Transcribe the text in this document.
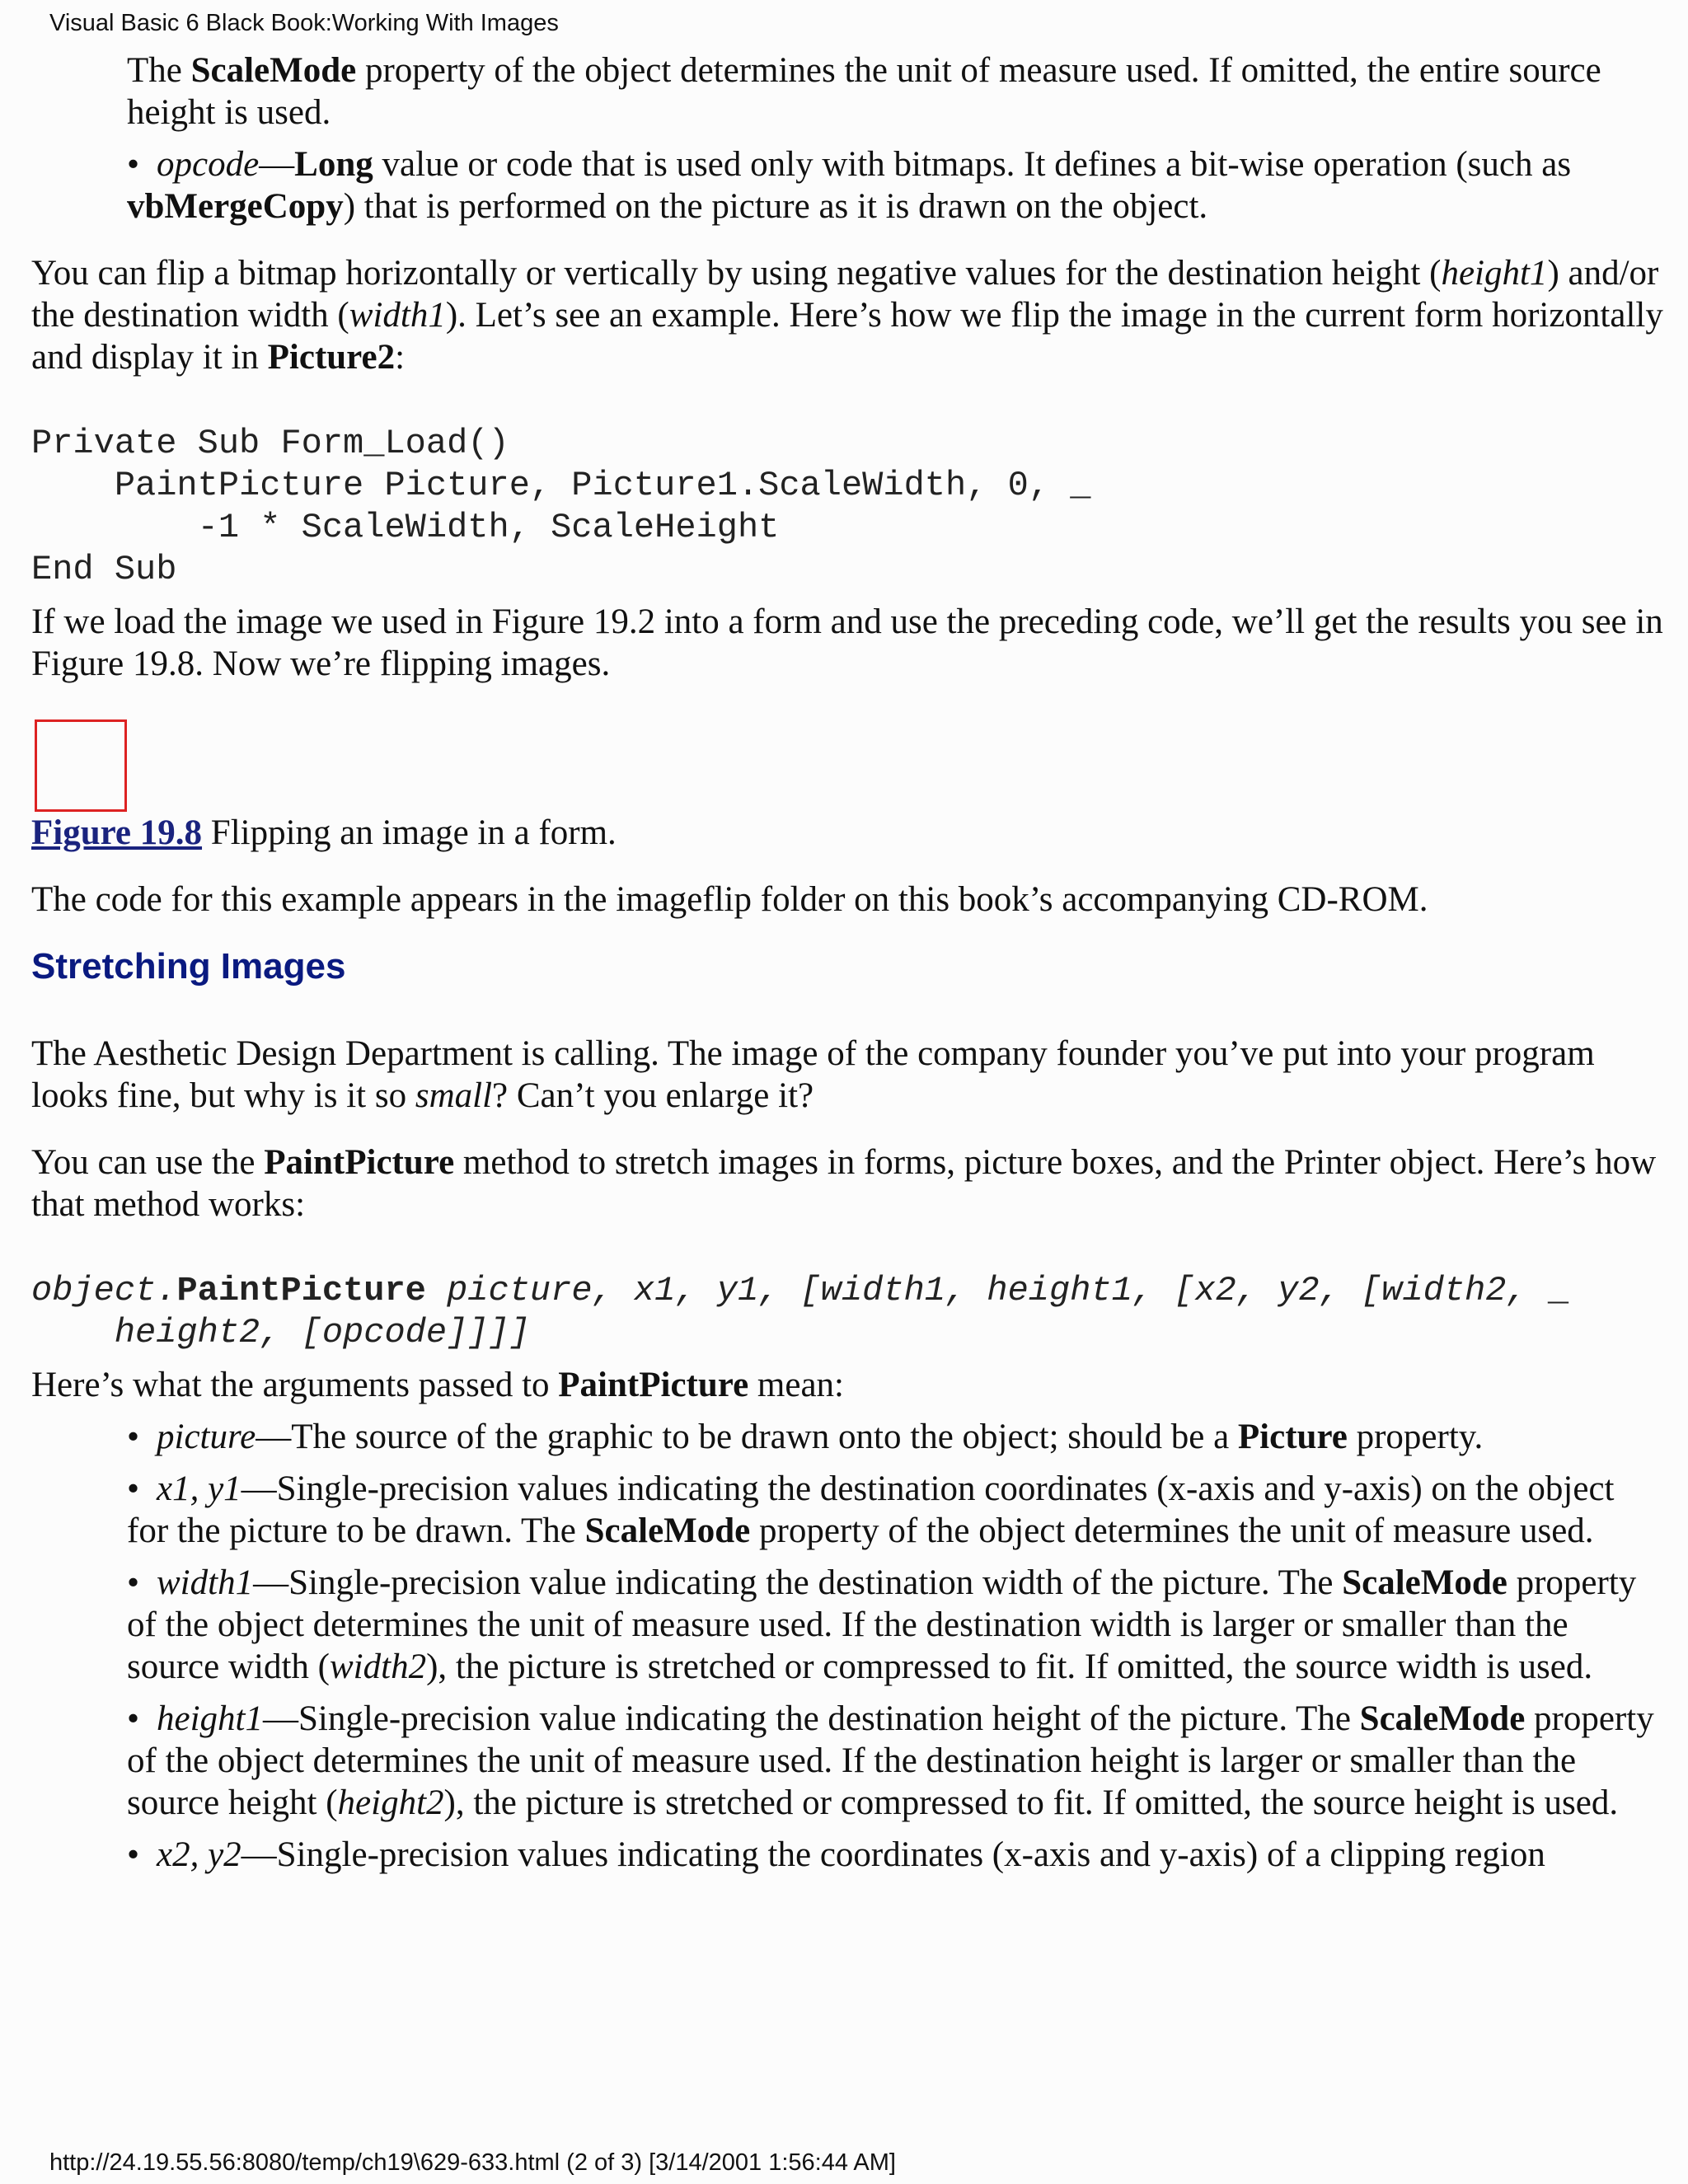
Visual Basic 6 Black Book:Working With Images

The ScaleMode property of the object determines the unit of measure used. If omitted, the entire source height is used.

• opcode—Long value or code that is used only with bitmaps. It defines a bit-wise operation (such as vbMergeCopy) that is performed on the picture as it is drawn on the object.

You can flip a bitmap horizontally or vertically by using negative values for the destination height (height1) and/or the destination width (width1). Let’s see an example. Here’s how we flip the image in the current form horizontally and display it in Picture2:

Private Sub Form_Load()
PaintPicture Picture, Picture1.ScaleWidth, 0, _
-1 * ScaleWidth, ScaleHeight
End Sub

If we load the image we used in Figure 19.2 into a form and use the preceding code, we’ll get the results you see in Figure 19.8. Now we’re flipping images.

Figure 19.8 Flipping an image in a form.

The code for this example appears in the imageflip folder on this book’s accompanying CD-ROM.

Stretching Images

The Aesthetic Design Department is calling. The image of the company founder you’ve put into your program looks fine, but why is it so small? Can’t you enlarge it?

You can use the PaintPicture method to stretch images in forms, picture boxes, and the Printer object. Here’s how that method works:

object.PaintPicture picture, x1, y1, [width1, height1, [x2, y2, [width2, _
height2, [opcode]]]]

Here’s what the arguments passed to PaintPicture mean:

• picture—The source of the graphic to be drawn onto the object; should be a Picture property.
• x1, y1—Single-precision values indicating the destination coordinates (x-axis and y-axis) on the object for the picture to be drawn. The ScaleMode property of the object determines the unit of measure used.
• width1—Single-precision value indicating the destination width of the picture. The ScaleMode property of the object determines the unit of measure used. If the destination width is larger or smaller than the source width (width2), the picture is stretched or compressed to fit. If omitted, the source width is used.
• height1—Single-precision value indicating the destination height of the picture. The ScaleMode property of the object determines the unit of measure used. If the destination height is larger or smaller than the source height (height2), the picture is stretched or compressed to fit. If omitted, the source height is used.
• x2, y2—Single-precision values indicating the coordinates (x-axis and y-axis) of a clipping region
http://24.19.55.56:8080/temp/ch19\629-633.html (2 of 3) [3/14/2001 1:56:44 AM]
